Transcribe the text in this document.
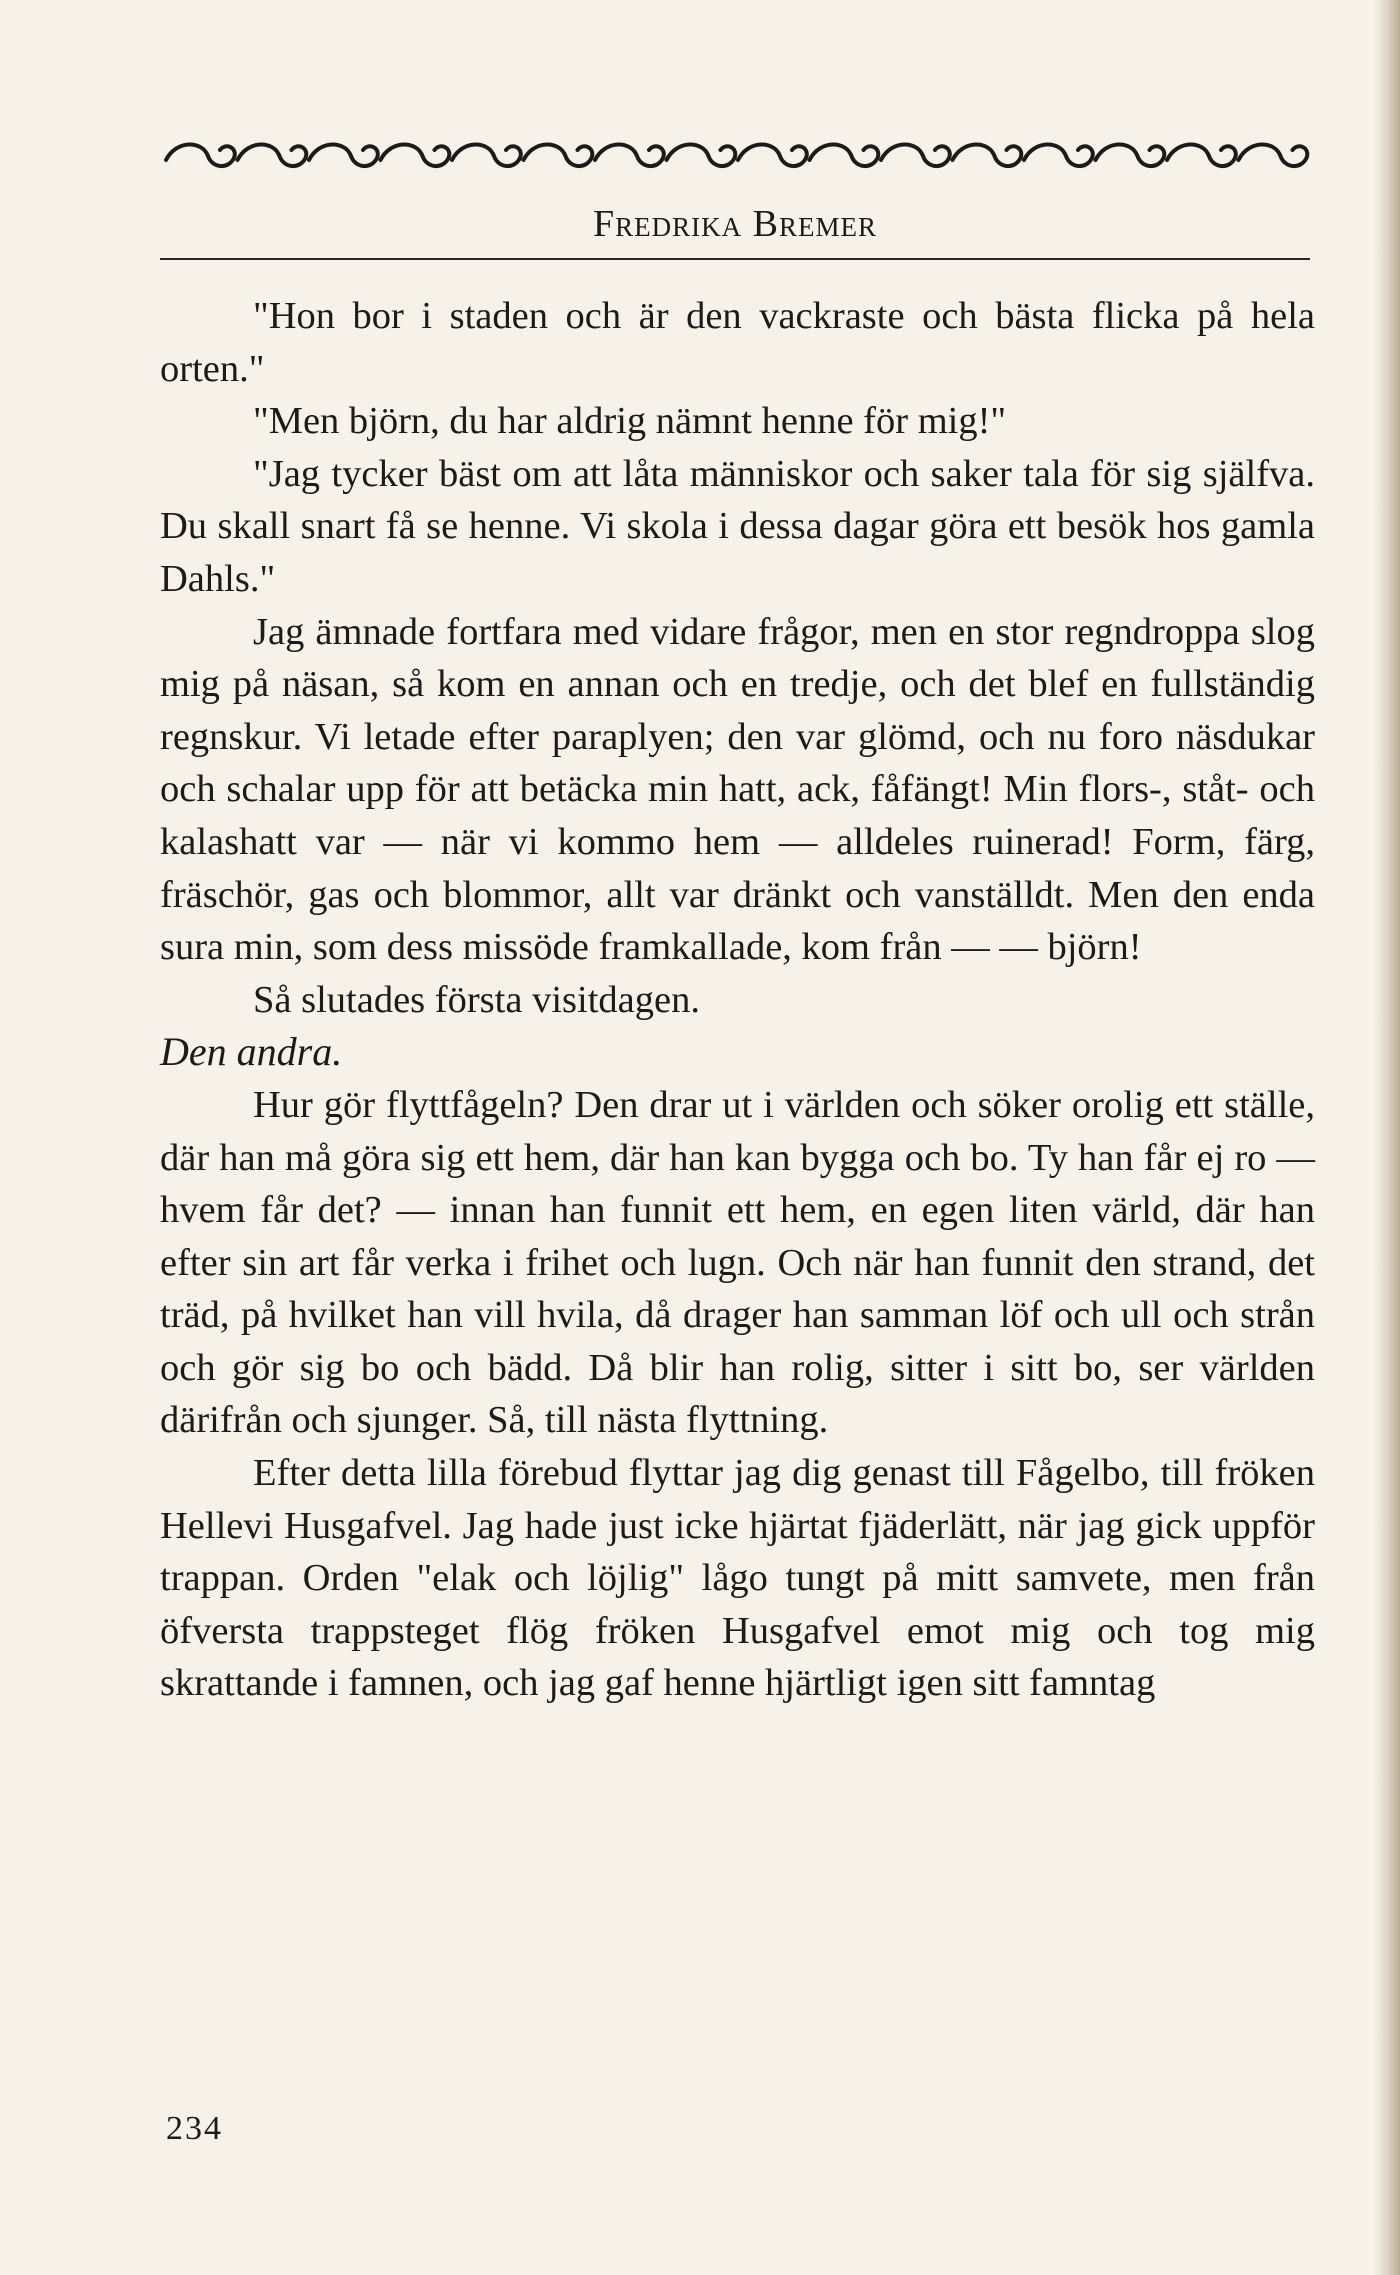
Fredrika Bremer

"Hon bor i staden och är den vackraste och bästa flicka på hela orten."

"Men björn, du har aldrig nämnt henne för mig!"

"Jag tycker bäst om att låta människor och saker tala för sig själfva. Du skall snart få se henne. Vi skola i dessa dagar göra ett besök hos gamla Dahls."

Jag ämnade fortfara med vidare frågor, men en stor regndroppa slog mig på näsan, så kom en annan och en tredje, och det blef en fullständig regnskur. Vi letade efter paraplyen; den var glömd, och nu foro näsdukar och schalar upp för att betäcka min hatt, ack, fåfängt! Min flors-, ståt- och kalashatt var — när vi kommo hem — alldeles ruinerad! Form, färg, fräschör, gas och blommor, allt var dränkt och vanställdt. Men den enda sura min, som dess missöde framkallade, kom från — — björn!

Så slutades första visitdagen.

Den andra.

Hur gör flyttfågeln? Den drar ut i världen och söker orolig ett ställe, där han må göra sig ett hem, där han kan bygga och bo. Ty han får ej ro — hvem får det? — innan han funnit ett hem, en egen liten värld, där han efter sin art får verka i frihet och lugn. Och när han funnit den strand, det träd, på hvilket han vill hvila, då drager han samman löf och ull och strån och gör sig bo och bädd. Då blir han rolig, sitter i sitt bo, ser världen därifrån och sjunger. Så, till nästa flyttning.

Efter detta lilla förebud flyttar jag dig genast till Fågelbo, till fröken Hellevi Husgafvel. Jag hade just icke hjärtat fjäderlätt, när jag gick uppför trappan. Orden "elak och löjlig" lågo tungt på mitt samvete, men från öfversta trappsteget flög fröken Husgafvel emot mig och tog mig skrattande i famnen, och jag gaf henne hjärtligt igen sitt famntag

234
